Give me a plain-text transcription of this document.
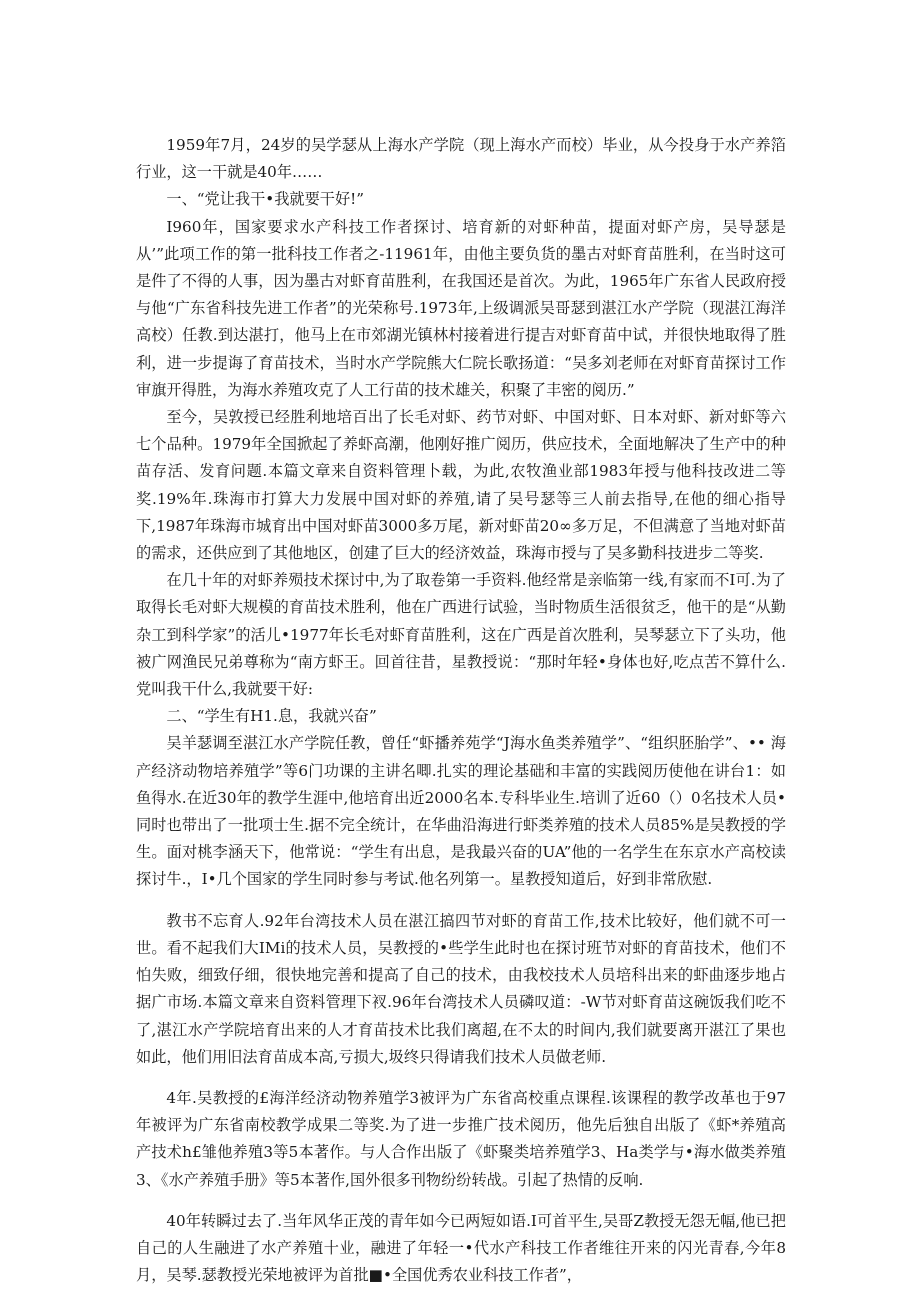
1959年7月，24岁的吴学瑟从上海水产学院（现上海水产而校）毕业，从今投身于水产养箔行业，这一干就是40年……

一、“党让我干•我就要干好!”

I960年，国家要求水产科技工作者探讨、培育新的对虾种苗，提面对虾产房，吴导瑟是从’”此项工作的第一批科技工作者之-11961年，由他主要负货的墨古对虾育苗胜利，在当时这可是件了不得的人事，因为墨古对虾育苗胜利，在我国还是首次。为此，1965年广东省人民政府授与他“广东省科技先进工作者”的光荣称号.1973年,上级调派吴哥瑟到湛江水产学院（现湛江海洋高校）任教.到达湛打，他马上在市郊湖光镇林村接着进行提吉对虾育苗中试，并很快地取得了胜利，进一步提诲了育苗技术，当时水产学院熊大仁院长歌扬道：“吴多刘老师在对虾育苗探讨工作审旗开得胜，为海水养殖攻克了人工行苗的技术雄关，积聚了丰密的阅历.”

至今，吴敦授已经胜利地培百出了长毛对虾、药节对虾、中国对虾、日本对虾、新对虾等六七个品种。1979年全国掀起了养虾高潮，他刚好推广阅历，供应技术，全面地解决了生产中的种苗存活、发育问题.本篇文章来自资料管理卜载，为此,农牧渔业部1983年授与他科技改进二等奖.19%年.珠海市打算大力发展中国对虾的养殖,请了吴号瑟等三人前去指导,在他的细心指导下,1987年珠海市城育出中国对虾苗3000多万尾，新对虾苗20∞多万足，不但满意了当地对虾苗的需求，还供应到了其他地区，创建了巨大的经济效益，珠海市授与了吴多勤科技进步二等奖.

在几十年的对虾养殒技术探讨中,为了取卷第一手资料.他经常是亲临第一线,有家而不I可.为了取得长毛对虾大规模的育苗技术胜利，他在广西进行试验，当时物质生活很贫乏，他干的是“从勤杂工到科学家”的活儿•1977年长毛对虾育苗胜利，这在广西是首次胜利，吴琴瑟立下了头功，他被广网渔民兄弟尊称为“南方虾王。回首往昔，星教授说：“那时年轻•身体也好,吃点苦不算什么.党叫我干什么,我就要干好:

二、“学生有H1.息，我就兴奋”

吴羊瑟调至湛江水产学院任教，曾任“虾播养苑学“J海水鱼类养殖学”、“组织胚胎学”、•• 海产经济动物培养殖学”等6门功课的主讲名唧.扎实的理论基础和丰富的实践阅历使他在讲台1：如鱼得水.在近30年的教学生涯中,他培育出近2000名本.专科毕业生.培训了近60（）0名技术人员•同时也带出了一批项士生.据不完全统计，在华曲沿海进行虾类养殖的技术人员85%是吴教授的学生。面对桃李涵天下，他常说：“学生有出息，是我最兴奋的UA”他的一名学生在东京水产高校读探讨牛.，I•几个国家的学生同时参与考试.他名列第一。星教授知道后，好到非常欣慰.

教书不忘育人.92年台湾技术人员在湛江搞四节对虾的育苗工作,技术比较好，他们就不可一世。看不起我们大IMi的技术人员，吴教授的•些学生此时也在探讨班节对虾的育苗技术，他们不怕失败，细致仔细，很快地完善和提高了自己的技术，由我校技术人员培科出来的虾曲逐步地占据广市场.本篇文章来自资料管理下衩.96年台湾技术人员磷叹道：-W节对虾育苗这碗饭我们吃不了,湛江水产学院培育出来的人才育苗技术比我们离超,在不太的时间内,我们就要离开湛江了果也如此，他们用旧法育苗成本高,亏损大,圾终只得请我们技术人员做老师.

4年.吴教授的£海洋经济动物养殖学3被评为广东省高校重点课程.该课程的教学改革也于97年被评为广东省南校教学成果二等奖.为了进一步推广技术阅历，他先后独自出版了《虾*养殖高产技术h£雏他养殖3等5本著作。与人合作出版了《虾聚类培养殖学3、Ha类学与•海水做类养殖3、《水产养殖手册》等5本著作,国外很多刊物纷纷转战。引起了热情的反响.

40年转瞬过去了.当年风华正茂的青年如今已两短如语.I可首平生,吴哥Z教授无怨无幅,他已把自己的人生融进了水产养殖十业，融进了年轻一•代水产科技工作者维往开来的闪光青春,今年8月，吴琴.瑟教授光荣地被评为首批■•全国优秀农业科技工作者”，
